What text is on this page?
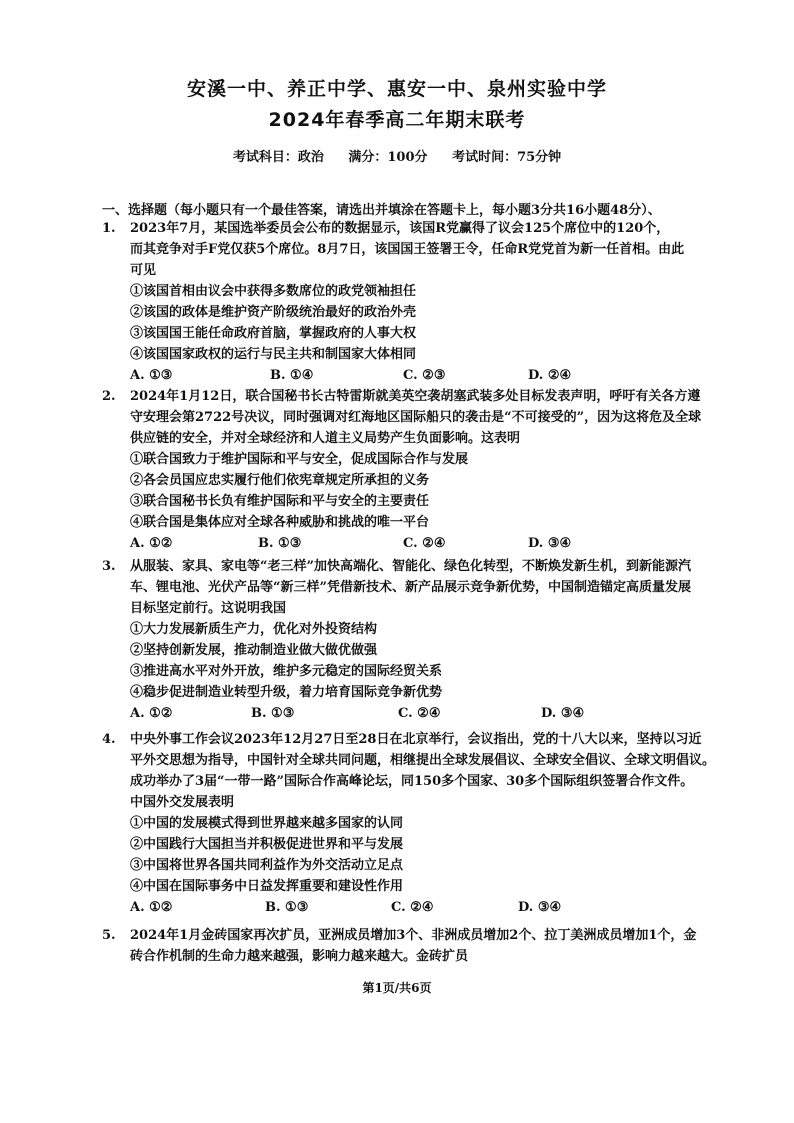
安溪一中、养正中学、惠安一中、泉州实验中学
2024年春季高二年期末联考
考试科目：政治 满分：100分 考试时间：75分钟
一、选择题（每小题只有一个最佳答案，请选出并填涂在答题卡上，每小题3分共16小题48分）、
1. 2023年7月，某国选举委员会公布的数据显示，该国R党赢得了议会125个席位中的120个，
而其竞争对手F党仅获5个席位。8月7日，该国国王签署王令，任命R党党首为新一任首相。由此
可见
①该国首相由议会中获得多数席位的政党领袖担任
②该国的政体是维护资产阶级统治最好的政治外壳
③该国国王能任命政府首脑，掌握政府的人事大权
④该国国家政权的运行与民主共和制国家大体相同
A. ①③	B. ①④	C. ②③	D. ②④
2. 2024年1月12日，联合国秘书长古特雷斯就美英空袭胡塞武装多处目标发表声明，呼吁有关各方遵
守安理会第2722号决议，同时强调对红海地区国际船只的袭击是“不可接受的”，因为这将危及全球
供应链的安全，并对全球经济和人道主义局势产生负面影响。这表明
①联合国致力于维护国际和平与安全，促成国际合作与发展
②各会员国应忠实履行他们依宪章规定所承担的义务
③联合国秘书长负有维护国际和平与安全的主要责任
④联合国是集体应对全球各种威胁和挑战的唯一平台
A. ①②	B. ①③	C. ②④	D. ③④
3. 从服装、家具、家电等“老三样”加快高端化、智能化、绿色化转型，不断焕发新生机，到新能源汽
车、锂电池、光伏产品等“新三样”凭借新技术、新产品展示竞争新优势，中国制造锚定高质量发展
目标坚定前行。这说明我国
①大力发展新质生产力，优化对外投资结构
②坚持创新发展，推动制造业做大做优做强
③推进高水平对外开放，维护多元稳定的国际经贸关系
④稳步促进制造业转型升级，着力培育国际竞争新优势
A. ①②	B. ①③	C. ②④	D. ③④
4. 中央外事工作会议2023年12月27日至28日在北京举行，会议指出，党的十八大以来，坚持以习近
平外交思想为指导，中国针对全球共同问题，相继提出全球发展倡议、全球安全倡议、全球文明倡议。
成功举办了3届“一带一路”国际合作高峰论坛，同150多个国家、30多个国际组织签署合作文件。
中国外交发展表明
①中国的发展模式得到世界越来越多国家的认同
②中国践行大国担当并积极促进世界和平与发展
③中国将世界各国共同利益作为外交活动立足点
④中国在国际事务中日益发挥重要和建设性作用
A. ①②	B. ①③	C. ②④	D. ③④
5. 2024年1月金砖国家再次扩员，亚洲成员增加3个、非洲成员增加2个、拉丁美洲成员增加1个，金
砖合作机制的生命力越来越强，影响力越来越大。金砖扩员
第1页/共6页
